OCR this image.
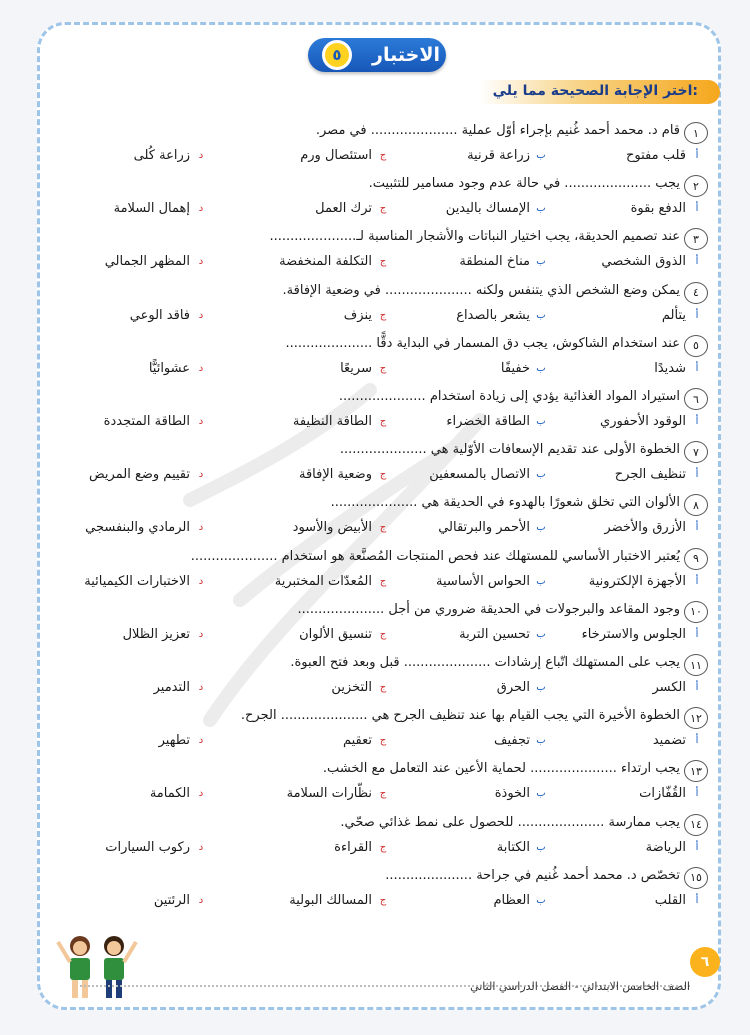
٥	الاختبار
اختر الإجابة الصحيحة مما يلي:
١
قام د. محمد أحمد غُنيم بإجراء أوّل عملية ..................... في مصر.
أ
قلب مفتوح
ب
زراعة قرنية
ج
استئصال ورم
د
زراعة كُلى
٢
يجب ..................... في حالة عدم وجود مسامير للتثبيت.
أ
الدفع بقوة
ب
الإمساك باليدين
ج
ترك العمل
د
إهمال السلامة
٣
عند تصميم الحديقة، يجب اختيار النباتات والأشجار المناسبة لـ.....................
أ
الذوق الشخصي
ب
مناخ المنطقة
ج
التكلفة المنخفضة
د
المظهر الجمالي
٤
يمكن وضع الشخص الذي يتنفس ولكنه ..................... في وضعية الإفاقة.
أ
يتألم
ب
يشعر بالصداع
ج
ينزف
د
فاقد الوعي
٥
عند استخدام الشاكوش، يجب دق المسمار في البداية دقًّا .....................
أ
شديدًا
ب
خفيفًا
ج
سريعًا
د
عشوائيًّا
٦
استيراد المواد الغذائية يؤدي إلى زيادة استخدام .....................
أ
الوقود الأحفوري
ب
الطاقة الخضراء
ج
الطاقة النظيفة
د
الطاقة المتجددة
٧
الخطوة الأولى عند تقديم الإسعافات الأوّلية هي .....................
أ
تنظيف الجرح
ب
الاتصال بالمسعفين
ج
وضعية الإفاقة
د
تقييم وضع المريض
٨
الألوان التي تخلق شعورًا بالهدوء في الحديقة هي .....................
أ
الأزرق والأخضر
ب
الأحمر والبرتقالي
ج
الأبيض والأسود
د
الرمادي والبنفسجي
٩
يُعتبر الاختبار الأساسي للمستهلك عند فحص المنتجات المُصنَّعة هو استخدام .....................
أ
الأجهزة الإلكترونية
ب
الحواس الأساسية
ج
المُعدّات المختبرية
د
الاختبارات الكيميائية
١٠
وجود المقاعد والبرجولات في الحديقة ضروري من أجل .....................
أ
الجلوس والاسترخاء
ب
تحسين التربة
ج
تنسيق الألوان
د
تعزيز الظلال
١١
يجب على المستهلك اتّباع إرشادات ..................... قبل وبعد فتح العبوة.
أ
الكسر
ب
الحرق
ج
التخزين
د
التدمير
١٢
الخطوة الأخيرة التي يجب القيام بها عند تنظيف الجرح هي ..................... الجرح.
أ
تضميد
ب
تجفيف
ج
تعقيم
د
تطهير
١٣
يجب ارتداء ..................... لحماية الأعين عند التعامل مع الخشب.
أ
القُفّازات
ب
الخوذة
ج
نظّارات السلامة
د
الكمامة
١٤
يجب ممارسة ..................... للحصول على نمط غذائي صحّي.
أ
الرياضة
ب
الكتابة
ج
القراءة
د
ركوب السيارات
١٥
تخصّص د. محمد أحمد غُنيم في جراحة .....................
أ
القلب
ب
العظام
ج
المسالك البولية
د
الرئتين
الصف الخامس الابتدائي - الفصل الدراسي الثاني
٦
